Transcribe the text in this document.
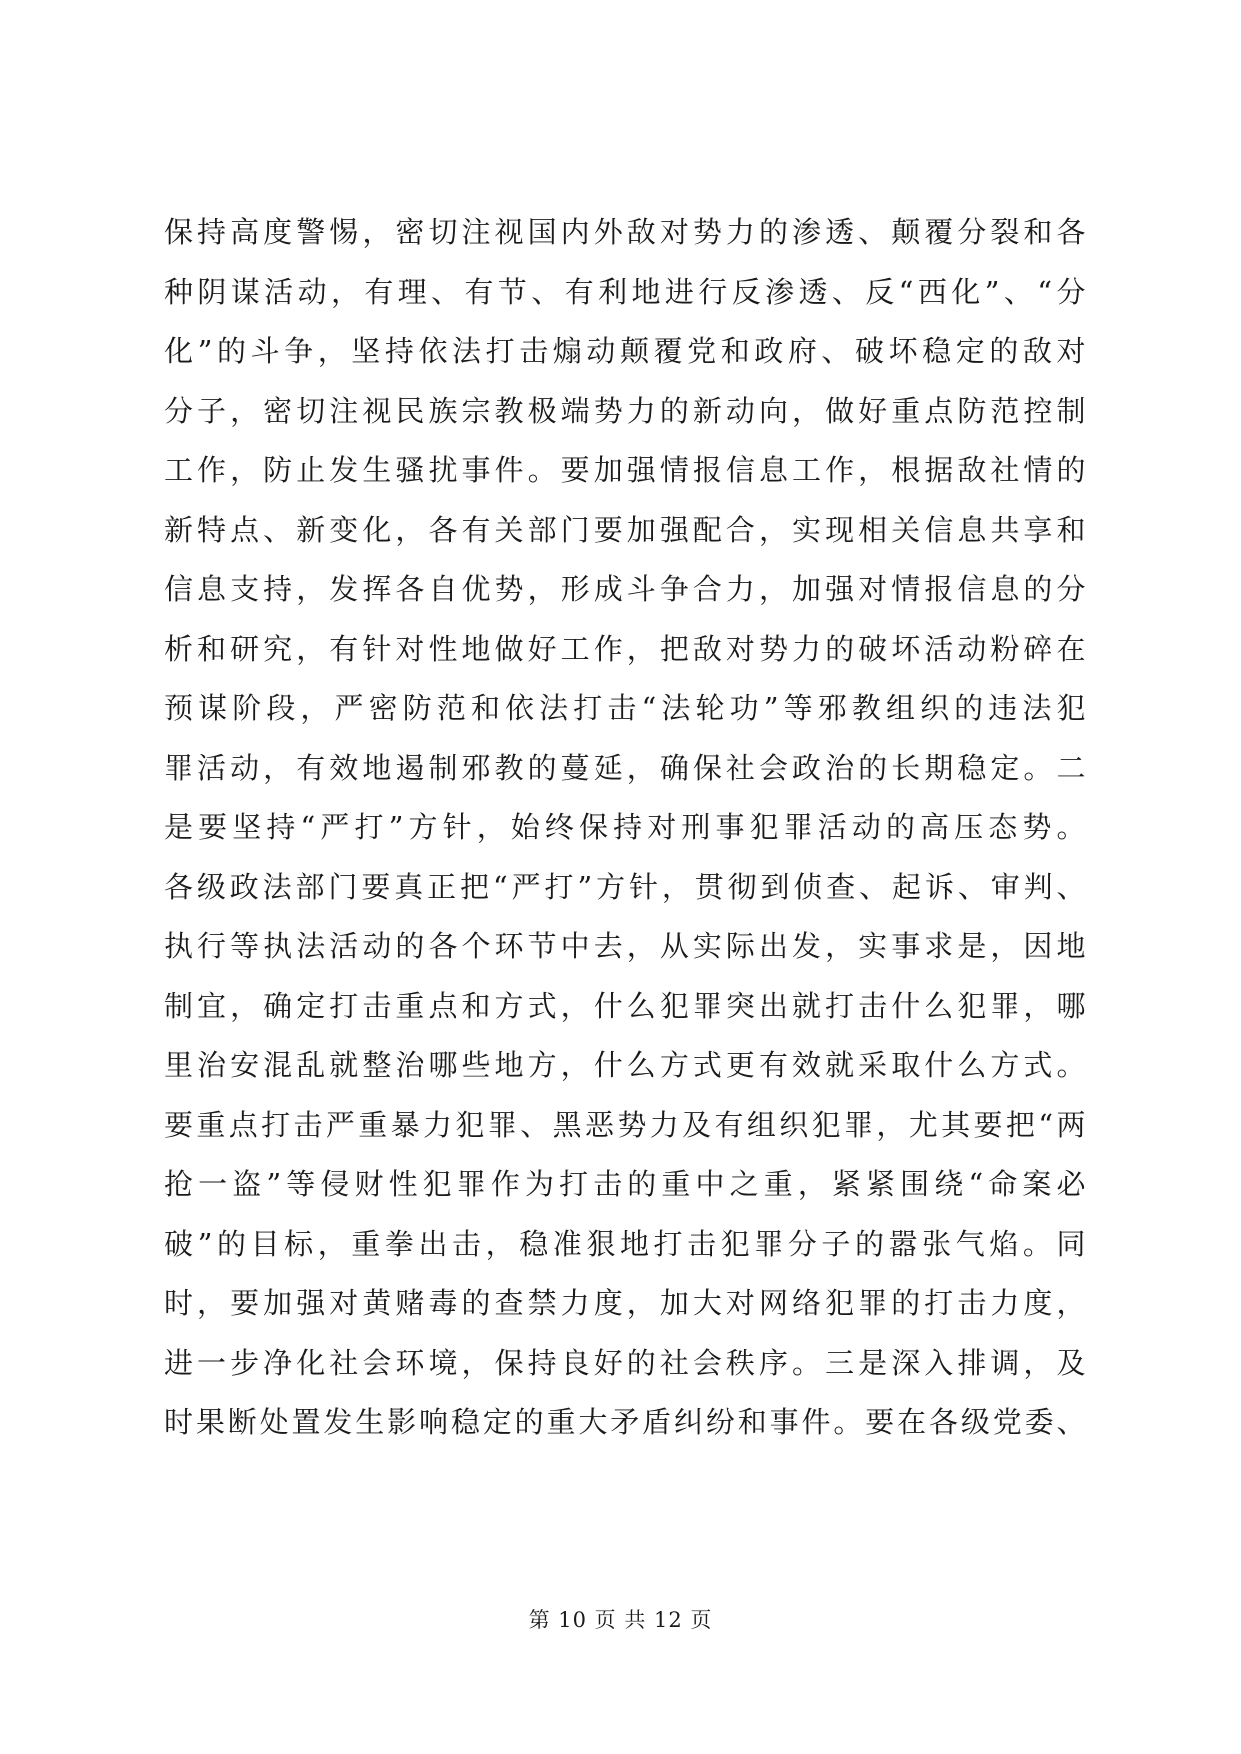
保持高度警惕，密切注视国内外敌对势力的渗透、颠覆分裂和各
种阴谋活动，有理、有节、有利地进行反渗透、反“西化”、“分
化”的斗争，坚持依法打击煽动颠覆党和政府、破坏稳定的敌对
分子，密切注视民族宗教极端势力的新动向，做好重点防范控制
工作，防止发生骚扰事件。要加强情报信息工作，根据敌社情的
新特点、新变化，各有关部门要加强配合，实现相关信息共享和
信息支持，发挥各自优势，形成斗争合力，加强对情报信息的分
析和研究，有针对性地做好工作，把敌对势力的破坏活动粉碎在
预谋阶段，严密防范和依法打击“法轮功”等邪教组织的违法犯
罪活动，有效地遏制邪教的蔓延，确保社会政治的长期稳定。二
是要坚持“严打”方针，始终保持对刑事犯罪活动的高压态势。
各级政法部门要真正把“严打”方针，贯彻到侦查、起诉、审判、
执行等执法活动的各个环节中去，从实际出发，实事求是，因地
制宜，确定打击重点和方式，什么犯罪突出就打击什么犯罪，哪
里治安混乱就整治哪些地方，什么方式更有效就采取什么方式。
要重点打击严重暴力犯罪、黑恶势力及有组织犯罪，尤其要把“两
抢一盗”等侵财性犯罪作为打击的重中之重，紧紧围绕“命案必
破”的目标，重拳出击，稳准狠地打击犯罪分子的嚣张气焰。同
时，要加强对黄赌毒的查禁力度，加大对网络犯罪的打击力度，
进一步净化社会环境，保持良好的社会秩序。三是深入排调，及
时果断处置发生影响稳定的重大矛盾纠纷和事件。要在各级党委、
第 10 页 共 12 页
